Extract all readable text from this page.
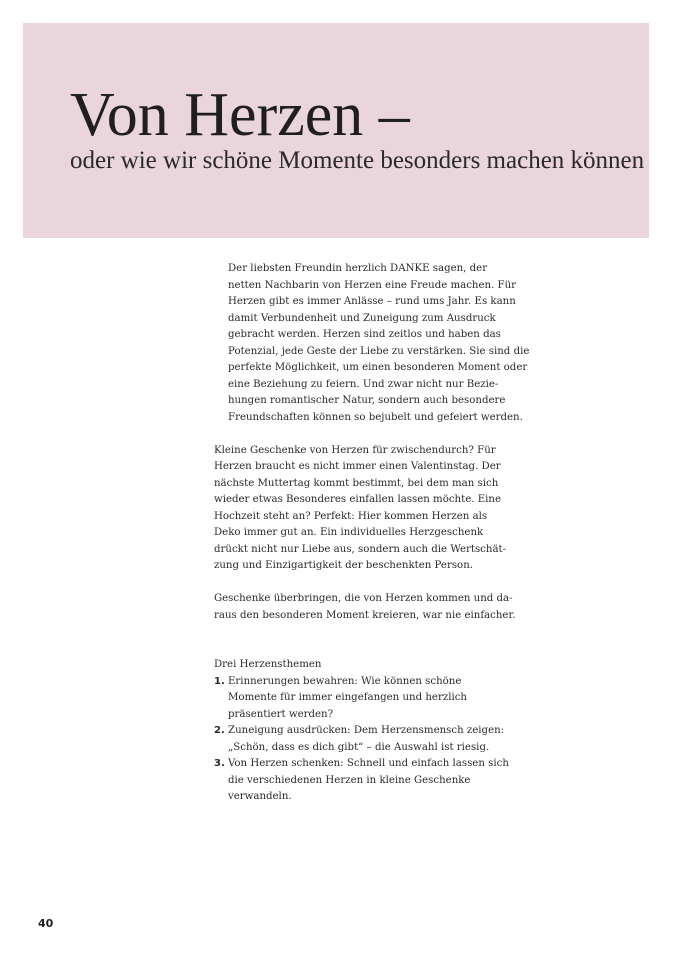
Von Herzen –
oder wie wir schöne Momente besonders machen können

Der liebsten Freundin herzlich DANKE sagen, der
netten Nachbarin von Herzen eine Freude machen. Für
Herzen gibt es immer Anlässe – rund ums Jahr. Es kann
damit Verbundenheit und Zuneigung zum Ausdruck
gebracht werden. Herzen sind zeitlos und haben das
Potenzial, jede Geste der Liebe zu verstärken. Sie sind die
perfekte Möglichkeit, um einen besonderen Moment oder
eine Beziehung zu feiern. Und zwar nicht nur Bezie-
hungen romantischer Natur, sondern auch besondere
Freundschaften können so bejubelt und gefeiert werden.

Kleine Geschenke von Herzen für zwischendurch? Für
Herzen braucht es nicht immer einen Valentinstag. Der
nächste Muttertag kommt bestimmt, bei dem man sich
wieder etwas Besonderes einfallen lassen möchte. Eine
Hochzeit steht an? Perfekt: Hier kommen Herzen als
Deko immer gut an. Ein individuelles Herzgeschenk
drückt nicht nur Liebe aus, sondern auch die Wertschät-
zung und Einzigartigkeit der beschenkten Person.

Geschenke überbringen, die von Herzen kommen und da-
raus den besonderen Moment kreieren, war nie einfacher.

Drei Herzensthemen
1. Erinnerungen bewahren: Wie können schöne
Momente für immer eingefangen und herzlich
präsentiert werden?
2. Zuneigung ausdrücken: Dem Herzensmensch zeigen:
„Schön, dass es dich gibt“ – die Auswahl ist riesig.
3. Von Herzen schenken: Schnell und einfach lassen sich
die verschiedenen Herzen in kleine Geschenke
verwandeln.
40
